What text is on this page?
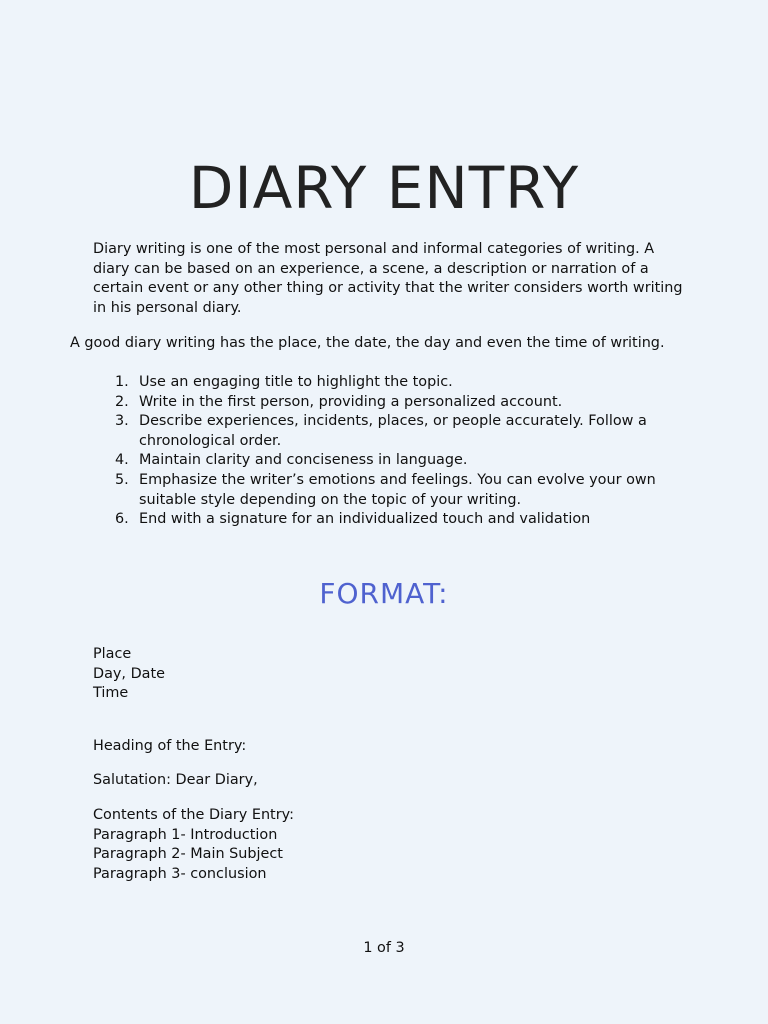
DIARY ENTRY

Diary writing is one of the most personal and informal categories of writing. A diary can be based on an experience, a scene, a description or narration of a certain event or any other thing or activity that the writer considers worth writing in his personal diary.

A good diary writing has the place, the date, the day and even the time of writing.

1. Use an engaging title to highlight the topic.
2. Write in the first person, providing a personalized account.
3. Describe experiences, incidents, places, or people accurately. Follow a chronological order.
4. Maintain clarity and conciseness in language.
5. Emphasize the writer’s emotions and feelings. You can evolve your own suitable style depending on the topic of your writing.
6. End with a signature for an individualized touch and validation
FORMAT:
Place
Day, Date
Time
Heading of the Entry:
Salutation: Dear Diary,
Contents of the Diary Entry:
Paragraph 1- Introduction
Paragraph 2- Main Subject
Paragraph 3- conclusion

1 of 3
